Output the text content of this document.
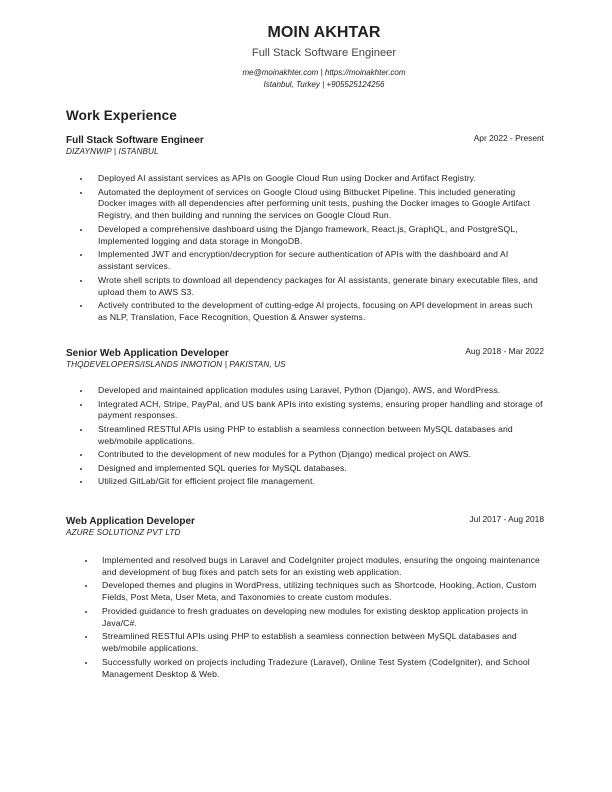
MOIN AKHTAR
Full Stack Software Engineer
me@moinakhter.com | https://moinakhter.com
Istanbul, Turkey | +905525124256
Work Experience
Full Stack Software Engineer
DIZAYNWIP | ISTANBUL
Apr 2022 - Present
Deployed AI assistant services as APIs on Google Cloud Run using Docker and Artifact Registry.
Automated the deployment of services on Google Cloud using Bitbucket Pipeline. This included generating Docker images with all dependencies after performing unit tests, pushing the Docker images to Google Artifact Registry, and then building and running the services on Google Cloud Run.
Developed a comprehensive dashboard using the Django framework, React.js, GraphQL, and PostgreSQL, Implemented logging and data storage in MongoDB.
Implemented JWT and encryption/decryption for secure authentication of APIs with the dashboard and AI assistant services.
Wrote shell scripts to download all dependency packages for AI assistants, generate binary executable files, and upload them to AWS S3.
Actively contributed to the development of cutting-edge AI projects, focusing on API development in areas such as NLP, Translation, Face Recognition, Question & Answer systems.
Senior Web Application Developer
THQDEVELOPERS/ISLANDS INMOTION | PAKISTAN, US
Aug 2018 - Mar 2022
Developed and maintained application modules using Laravel, Python (Django), AWS, and WordPress.
Integrated ACH, Stripe, PayPal, and US bank APIs into existing systems, ensuring proper handling and storage of payment responses.
Streamlined RESTful APIs using PHP to establish a seamless connection between MySQL databases and web/mobile applications.
Contributed to the development of new modules for a Python (Django) medical project on AWS.
Designed and implemented SQL queries for MySQL databases.
Utilized GitLab/Git for efficient project file management.
Web Application Developer
AZURE SOLUTIONZ PVT LTD
Jul 2017 - Aug 2018
Implemented and resolved bugs in Laravel and CodeIgniter project modules, ensuring the ongoing maintenance and development of bug fixes and patch sets for an existing web application.
Developed themes and plugins in WordPress, utilizing techniques such as Shortcode, Hooking, Action, Custom Fields, Post Meta, User Meta, and Taxonomies to create custom modules.
Provided guidance to fresh graduates on developing new modules for existing desktop application projects in Java/C#.
Streamlined RESTful APIs using PHP to establish a seamless connection between MySQL databases and web/mobile applications.
Successfully worked on projects including Tradezure (Laravel), Online Test System (CodeIgniter), and School Management Desktop & Web.
